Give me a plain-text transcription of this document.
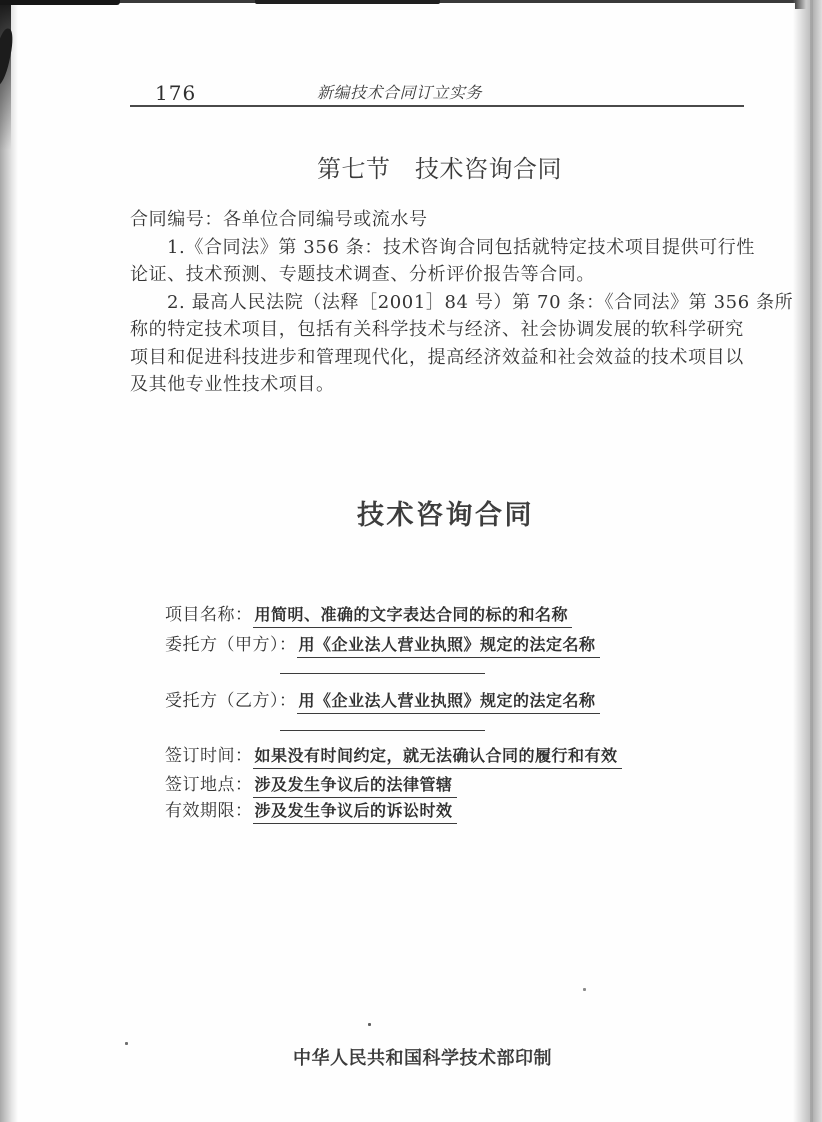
176	新编技术合同订立实务
第七节　技术咨询合同
合同编号：各单位合同编号或流水号
1.《合同法》第 356 条：技术咨询合同包括就特定技术项目提供可行性
论证、技术预测、专题技术调查、分析评价报告等合同。
2. 最高人民法院（法释［2001］84 号）第 70 条：《合同法》第 356 条所
称的特定技术项目，包括有关科学技术与经济、社会协调发展的软科学研究
项目和促进科技进步和管理现代化，提高经济效益和社会效益的技术项目以
及其他专业性技术项目。
技术咨询合同
项目名称： 用简明、准确的文字表达合同的标的和名称
委托方（甲方）： 用《企业法人营业执照》规定的法定名称
受托方（乙方）： 用《企业法人营业执照》规定的法定名称
签订时间： 如果没有时间约定，就无法确认合同的履行和有效
签订地点： 涉及发生争议后的法律管辖
有效期限： 涉及发生争议后的诉讼时效
中华人民共和国科学技术部印制
